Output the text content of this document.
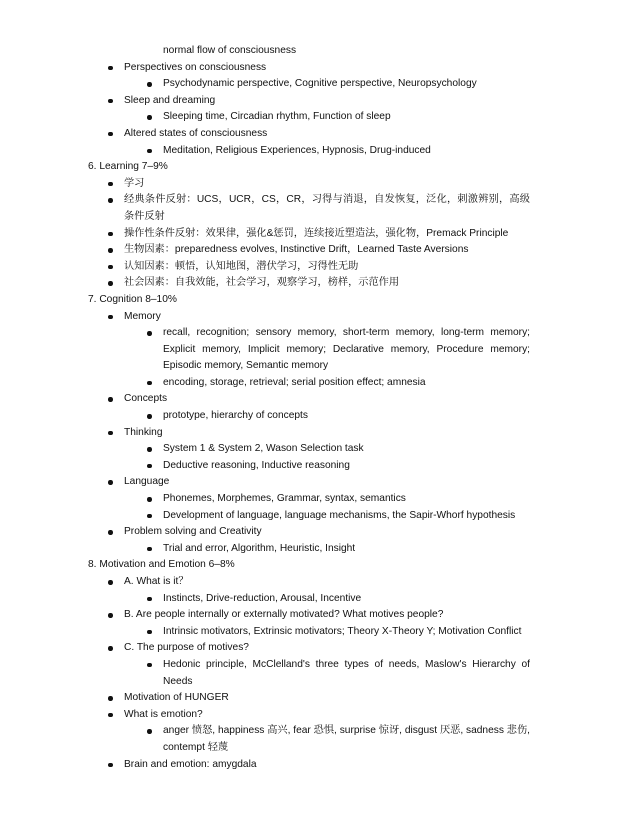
normal flow of consciousness
Perspectives on consciousness
Psychodynamic perspective, Cognitive perspective, Neuropsychology
Sleep and dreaming
Sleeping time, Circadian rhythm, Function of sleep
Altered states of consciousness
Meditation, Religious Experiences, Hypnosis, Drug-induced
6. Learning 7–9%
学习
经典条件反射：UCS，UCR，CS，CR，习得与消退，自发恢复，泛化，刺激辨别，高级条件反射
操作性条件反射：效果律，强化&惩罚，连续接近塑造法，强化物，Premack Principle
生物因素：preparedness evolves, Instinctive Drift，Learned Taste Aversions
认知因素：顿悟，认知地图，潜伏学习，习得性无助
社会因素：自我效能，社会学习，观察学习，榜样，示范作用
7. Cognition 8–10%
Memory
recall, recognition; sensory memory, short-term memory, long-term memory; Explicit memory, Implicit memory; Declarative memory, Procedure memory; Episodic memory, Semantic memory
encoding, storage, retrieval; serial position effect; amnesia
Concepts
prototype, hierarchy of concepts
Thinking
System 1 & System 2, Wason Selection task
Deductive reasoning, Inductive reasoning
Language
Phonemes, Morphemes, Grammar, syntax, semantics
Development of language, language mechanisms, the Sapir-Whorf hypothesis
Problem solving and Creativity
Trial and error, Algorithm, Heuristic, Insight
8. Motivation and Emotion 6–8%
A. What is it？
Instincts, Drive-reduction, Arousal, Incentive
B. Are people internally or externally motivated? What motives people?
Intrinsic motivators, Extrinsic motivators; Theory X-Theory Y; Motivation Conflict
C. The purpose of motives?
Hedonic principle, McClelland's three types of needs, Maslow's Hierarchy of Needs
Motivation of HUNGER
What is emotion?
anger 愤怒, happiness 高兴, fear 恐惧, surprise 惊讶, disgust 厌恶, sadness 悲伤, contempt 轻蔑
Brain and emotion: amygdala
